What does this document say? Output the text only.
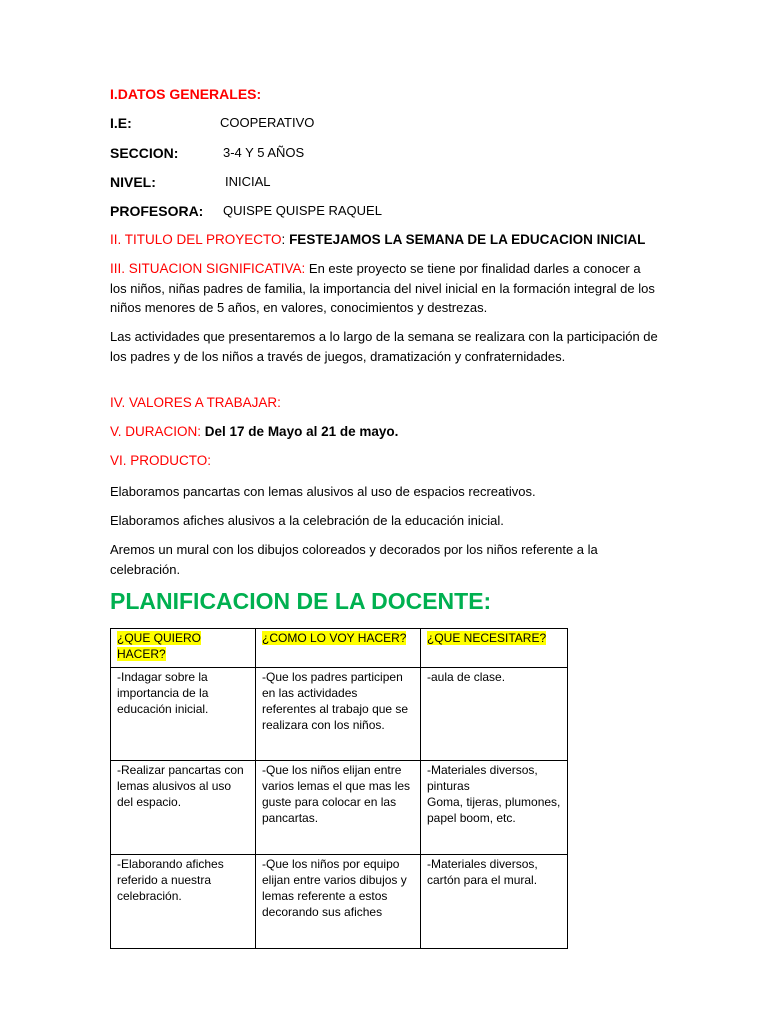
I.DATOS GENERALES:
I.E:	COOPERATIVO
SECCION:	3-4 Y 5 AÑOS
NIVEL:	INICIAL
PROFESORA: QUISPE QUISPE RAQUEL
II. TITULO DEL PROYECTO: FESTEJAMOS LA SEMANA DE LA EDUCACION INICIAL

III. SITUACION SIGNIFICATIVA: En este proyecto se tiene por finalidad darles a conocer a los niños, niñas padres de familia, la importancia del nivel inicial en la formación integral de los niños menores de 5 años, en valores, conocimientos y destrezas.

Las actividades que presentaremos a lo largo de la semana se realizara con la participación de los padres y de los niños a través de juegos, dramatización y confraternidades.

IV. VALORES A TRABAJAR:
V. DURACION: Del 17 de Mayo al 21 de mayo.
VI. PRODUCTO:

Elaboramos pancartas con lemas alusivos al uso de espacios recreativos.

Elaboramos afiches alusivos a la celebración de la educación inicial.

Aremos un mural con los dibujos coloreados y decorados por los niños referente a la celebración.

PLANIFICACION DE LA DOCENTE:
¿QUE QUIERO HACER?	¿COMO LO VOY HACER?	¿QUE NECESITARE?
-Indagar sobre la importancia de la educación inicial.	-Que los padres participen en las actividades referentes al trabajo que se realizara con los niños.	-aula de clase.
-Realizar pancartas con lemas alusivos al uso del espacio.	-Que los niños elijan entre varios lemas el que mas les guste para colocar en las pancartas.	-Materiales diversos, pinturas
Goma, tijeras, plumones, papel boom, etc.
-Elaborando afiches referido a nuestra celebración.	-Que los niños por equipo elijan entre varios dibujos y lemas referente a estos decorando sus afiches	-Materiales diversos, cartón para el mural.
